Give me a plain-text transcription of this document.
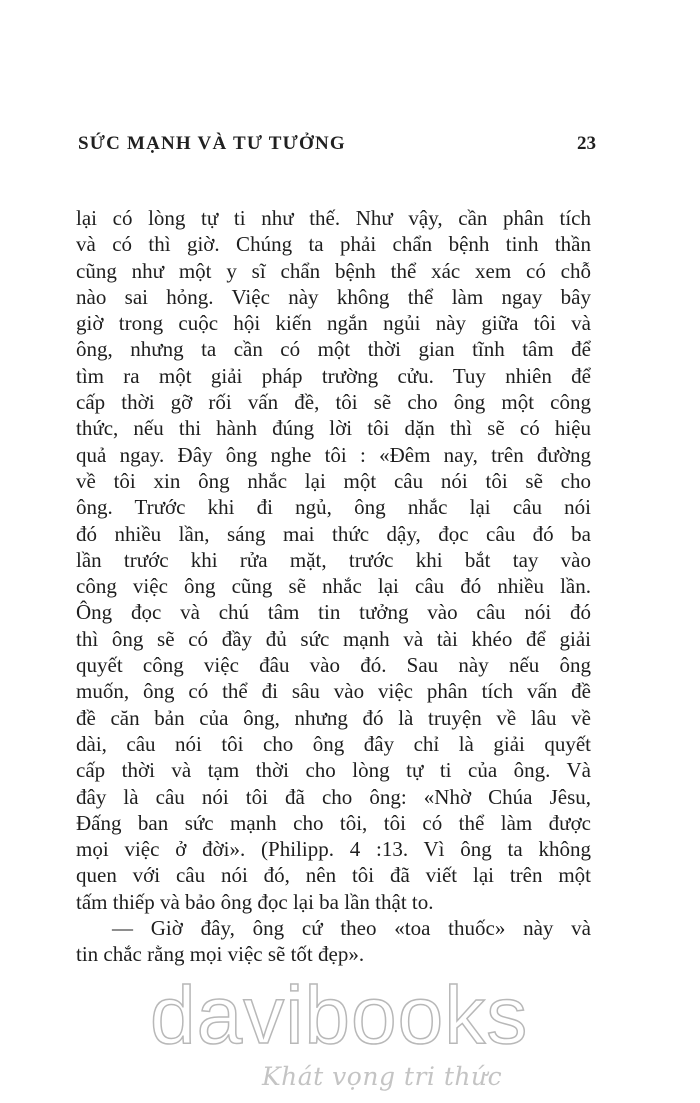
SỨC MẠNH VÀ TƯ TƯỞNG	23
lại có lòng tự ti như thế. Như vậy, cần phân tích
và có thì giờ. Chúng ta phải chẩn bệnh tinh thần
cũng như một y sĩ chẩn bệnh thể xác xem có chỗ
nào sai hỏng. Việc này không thể làm ngay bây
giờ trong cuộc hội kiến ngắn ngủi này giữa tôi và
ông, nhưng ta cần có một thời gian tĩnh tâm để
tìm ra một giải pháp trường cửu. Tuy nhiên để
cấp thời gỡ rối vấn đề, tôi sẽ cho ông một công
thức, nếu thi hành đúng lời tôi dặn thì sẽ có hiệu
quả ngay. Đây ông nghe tôi : «Đêm nay, trên đường
về tôi xin ông nhắc lại một câu nói tôi sẽ cho
ông. Trước khi đi ngủ, ông nhắc lại câu nói
đó nhiều lần, sáng mai thức dậy, đọc câu đó ba
lần trước khi rửa mặt, trước khi bắt tay vào
công việc ông cũng sẽ nhắc lại câu đó nhiều lần.
Ông đọc và chú tâm tin tưởng vào câu nói đó
thì ông sẽ có đầy đủ sức mạnh và tài khéo để giải
quyết công việc đâu vào đó. Sau này nếu ông
muốn, ông có thể đi sâu vào việc phân tích vấn đề
đề căn bản của ông, nhưng đó là truyện về lâu về
dài, câu nói tôi cho ông đây chỉ là giải quyết
cấp thời và tạm thời cho lòng tự ti của ông. Và
đây là câu nói tôi đã cho ông: «Nhờ Chúa Jêsu,
Đấng ban sức mạnh cho tôi, tôi có thể làm được
mọi việc ở đời». (Philipp. 4 :13. Vì ông ta không
quen với câu nói đó, nên tôi đã viết lại trên một
tấm thiếp và bảo ông đọc lại ba lần thật to.
— Giờ đây, ông cứ theo «toa thuốc» này và
tin chắc rằng mọi việc sẽ tốt đẹp».
davibooks
Khát vọng tri thức
